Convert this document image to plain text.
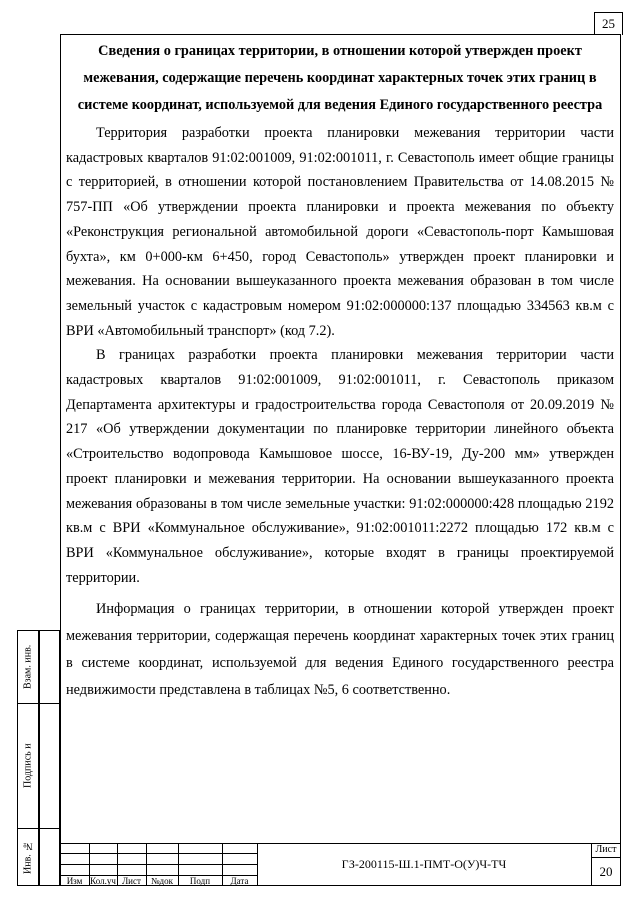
25

Сведения о границах территории, в отношении которой утвержден проект межевания, содержащие перечень координат характерных точек этих границ в системе координат, используемой для ведения Единого государственного реестра

Территория разработки проекта планировки межевания территории части кадастровых кварталов 91:02:001009, 91:02:001011, г. Севастополь имеет общие границы с территорией, в отношении которой постановлением Правительства от 14.08.2015 № 757-ПП «Об утверждении проекта планировки и проекта межевания по объекту «Реконструкция региональной автомобильной дороги «Севастополь-порт Камышовая бухта», км 0+000-км 6+450, город Севастополь» утвержден проект планировки и межевания. На основании вышеуказанного проекта межевания образован в том числе земельный участок с кадастровым номером 91:02:000000:137 площадью 334563 кв.м с ВРИ «Автомобильный транспорт» (код 7.2).

В границах разработки проекта планировки межевания территории части кадастровых кварталов 91:02:001009, 91:02:001011, г. Севастополь приказом Департамента архитектуры и градостроительства города Севастополя от 20.09.2019 № 217 «Об утверждении документации по планировке территории линейного объекта «Строительство водопровода Камышовое шоссе, 16-ВУ-19, Ду-200 мм» утвержден проект планировки и межевания территории. На основании вышеуказанного проекта межевания образованы в том числе земельные участки: 91:02:000000:428 площадью 2192 кв.м с ВРИ «Коммунальное обслуживание», 91:02:001011:2272 площадью 172 кв.м с ВРИ «Коммунальное обслуживание», которые входят в границы проектируемой территории.

Информация о границах территории, в отношении которой утвержден проект межевания территории, содержащая перечень координат характерных точек этих границ в системе координат, используемой для ведения Единого государственного реестра недвижимости представлена в таблицах №5, 6 соответственно.

Взам. инв.
Подпись и
Инв. №
Изм Кол.уч Лист	№док	Подп	Дата
ГЗ-200115-Ш.1-ПМТ-О(У)Ч-ТЧ
Лист
20
